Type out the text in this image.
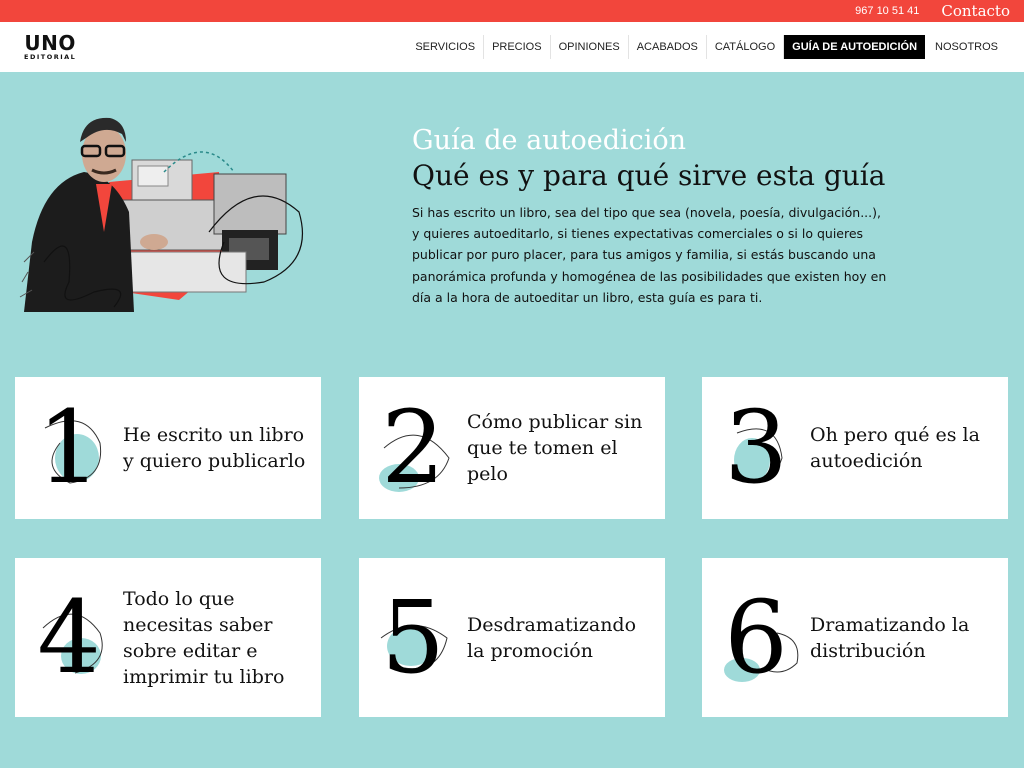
967 10 51 41 Contacto
UNO
EDITORIAL
SERVICIOS	PRECIOS	OPINIONES	ACABADOS	CATÁLOGO	GUÍA DE AUTOEDICIÓN	NOSOTROS
Guía de autoedición
Qué es y para qué sirve esta guía

Si has escrito un libro, sea del tipo que sea (novela, poesía, divulgación...), y quieres autoeditarlo, si tienes expectativas comerciales o si lo quieres publicar por puro placer, para tus amigos y familia, si estás buscando una panorámica profunda y homogénea de las posibilidades que existen hoy en día a la hora de autoeditar un libro, esta guía es para ti.

1	He escrito un libro y quiero publicarlo 2	Cómo publicar sin que te tomen el pelo	3	Oh pero qué es la autoedición
4	Todo lo que necesitas saber sobre editar e imprimir tu libro 5	Desdramatizando la promoción	6	Dramatizando la distribución
